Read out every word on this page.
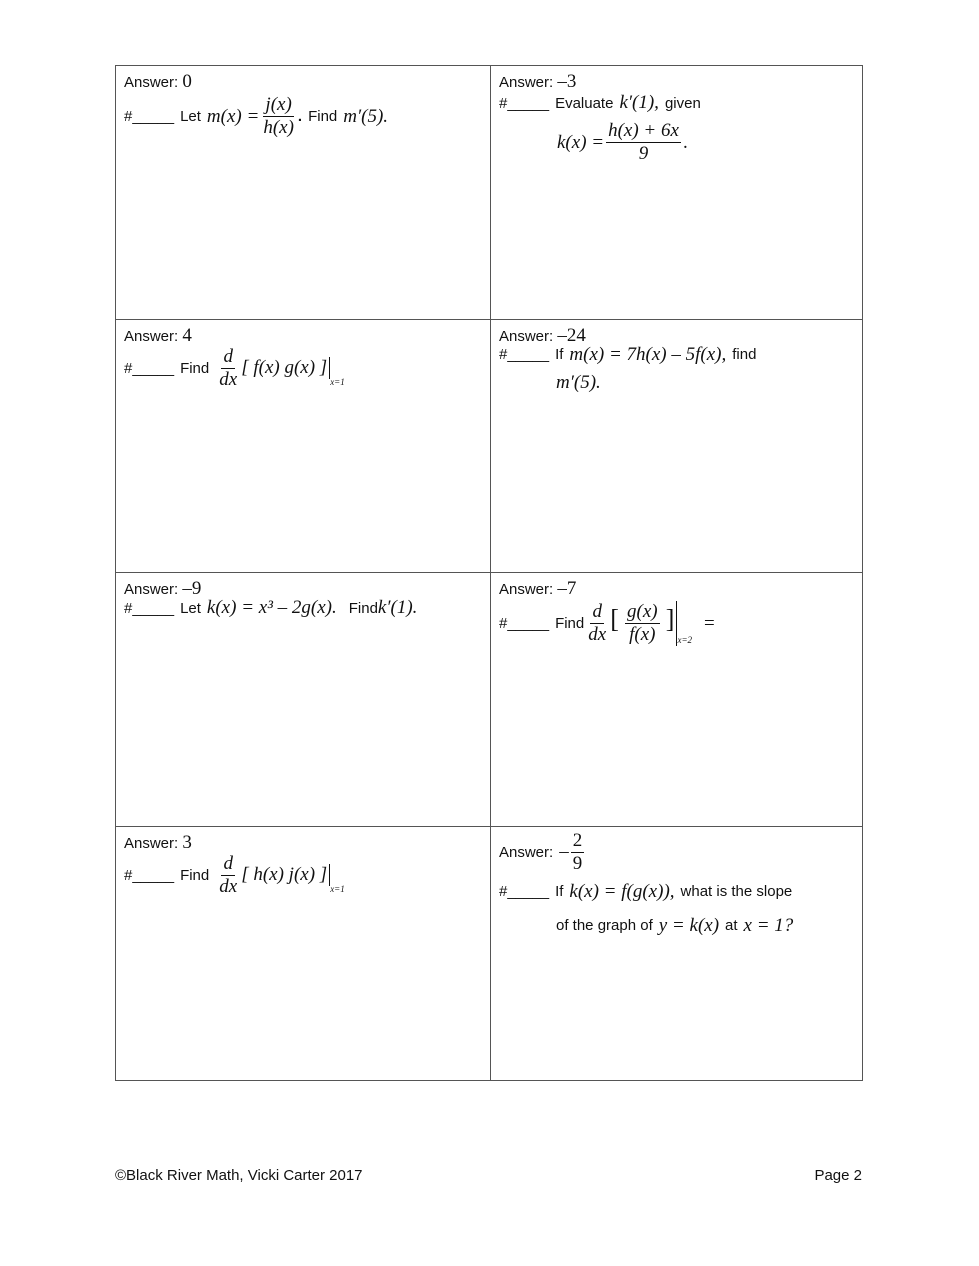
Answer: 0
#_____ Let $m(x) = \frac{j(x)}{h(x)}$ . Find m′(5).
Answer: –3
#_____ Evaluate k′(1), given
$k(x) = \frac{h(x) + 6x}{9}$ .
Answer: 4
#_____ Find $\frac{d}{dx}$ [ f(x) g(x) ]
x=1
Answer: –24
#_____ If m(x) = 7h(x) – 5f(x), find
m′(5).
Answer: –9
#_____ Let k(x) = x³ – 2g(x). Find k′(1).
Answer: –7
#_____ Find $\frac{d}{dx}$ [ $\frac{g(x)}{f(x)}$ ]
x=2
=
Answer: 3
#_____ Find $\frac{d}{dx}$ [ h(x) j(x) ]
x=1
Answer: – $\frac{2}{9}$
#_____ If k(x) = f(g(x)), what is the slope
of the graph of y = k(x) at x = 1?
©Black River Math, Vicki Carter 2017	Page 2
